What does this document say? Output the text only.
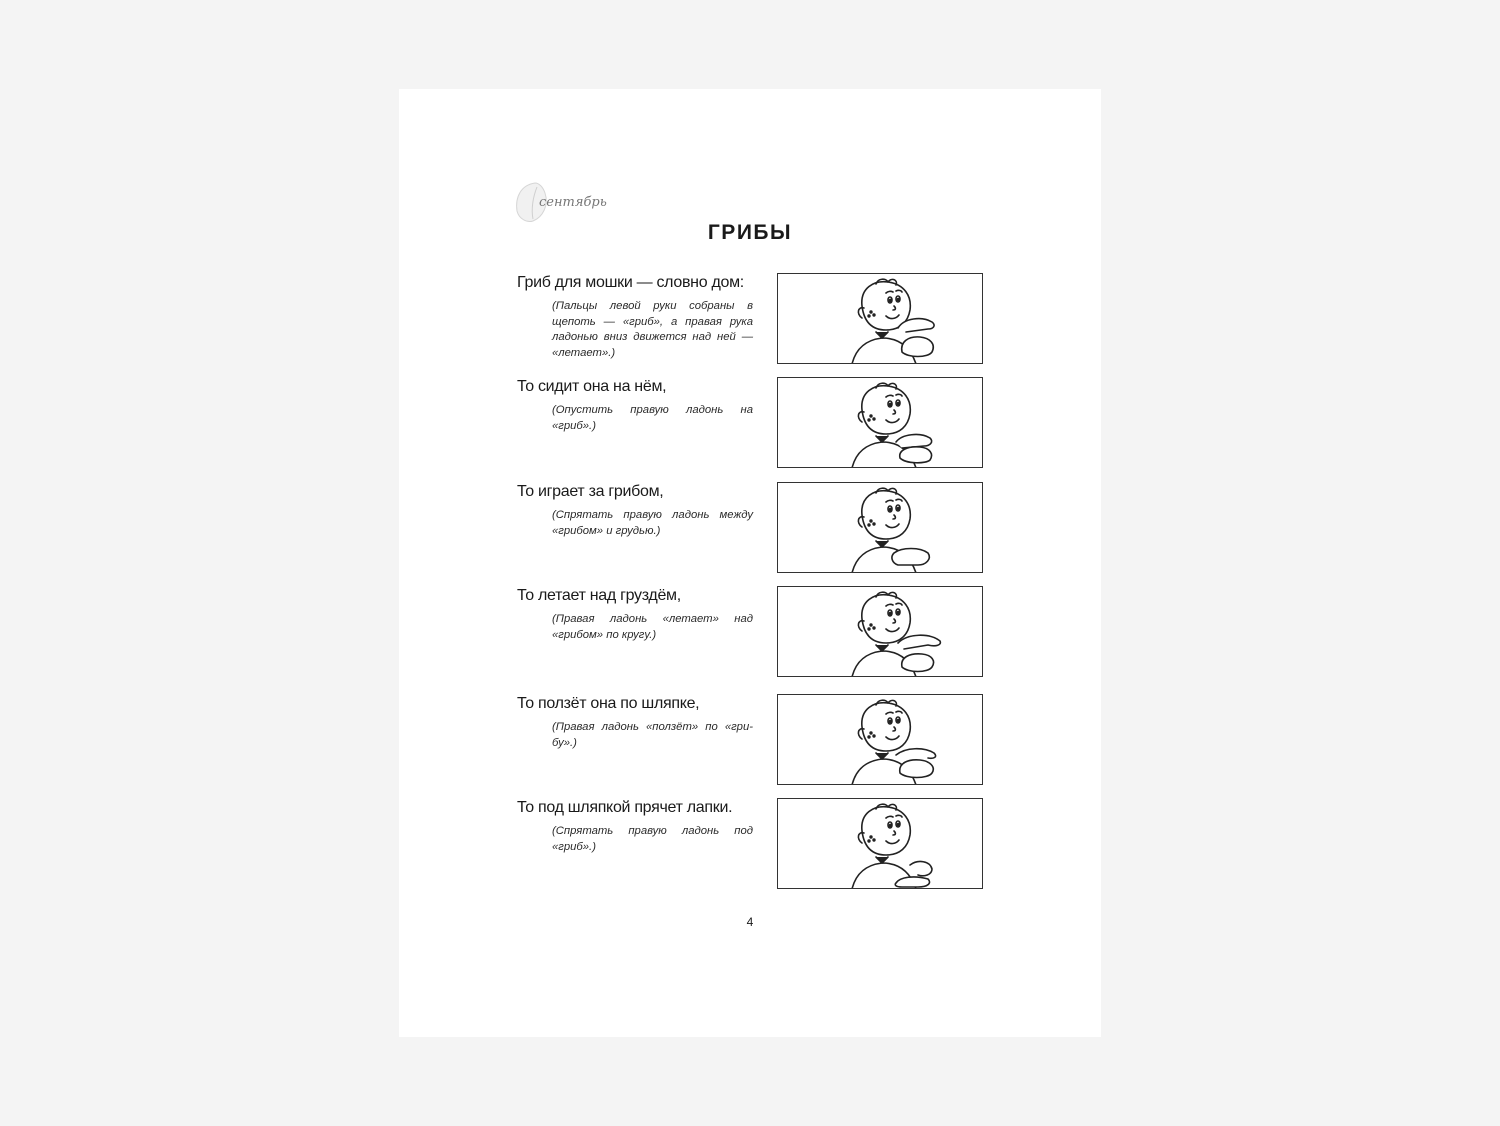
сентябрь
ГРИБЫ
Гриб для мошки — словно дом:
(Пальцы левой руки собраны в щепоть — «гриб», а правая рука ладонью вниз движется над ней — «летает».)
То сидит она на нём,
(Опустить правую ладонь на «гриб».)
То играет за грибом,
(Спрятать правую ладонь между «грибом» и грудью.)
То летает над груздём,
(Правая ладонь «летает» над «грибом» по кругу.)
То ползёт она по шляпке,
(Правая ладонь «ползёт» по «гри-бу».)
То под шляпкой прячет лапки.
(Спрятать правую ладонь под «гриб».)
4
